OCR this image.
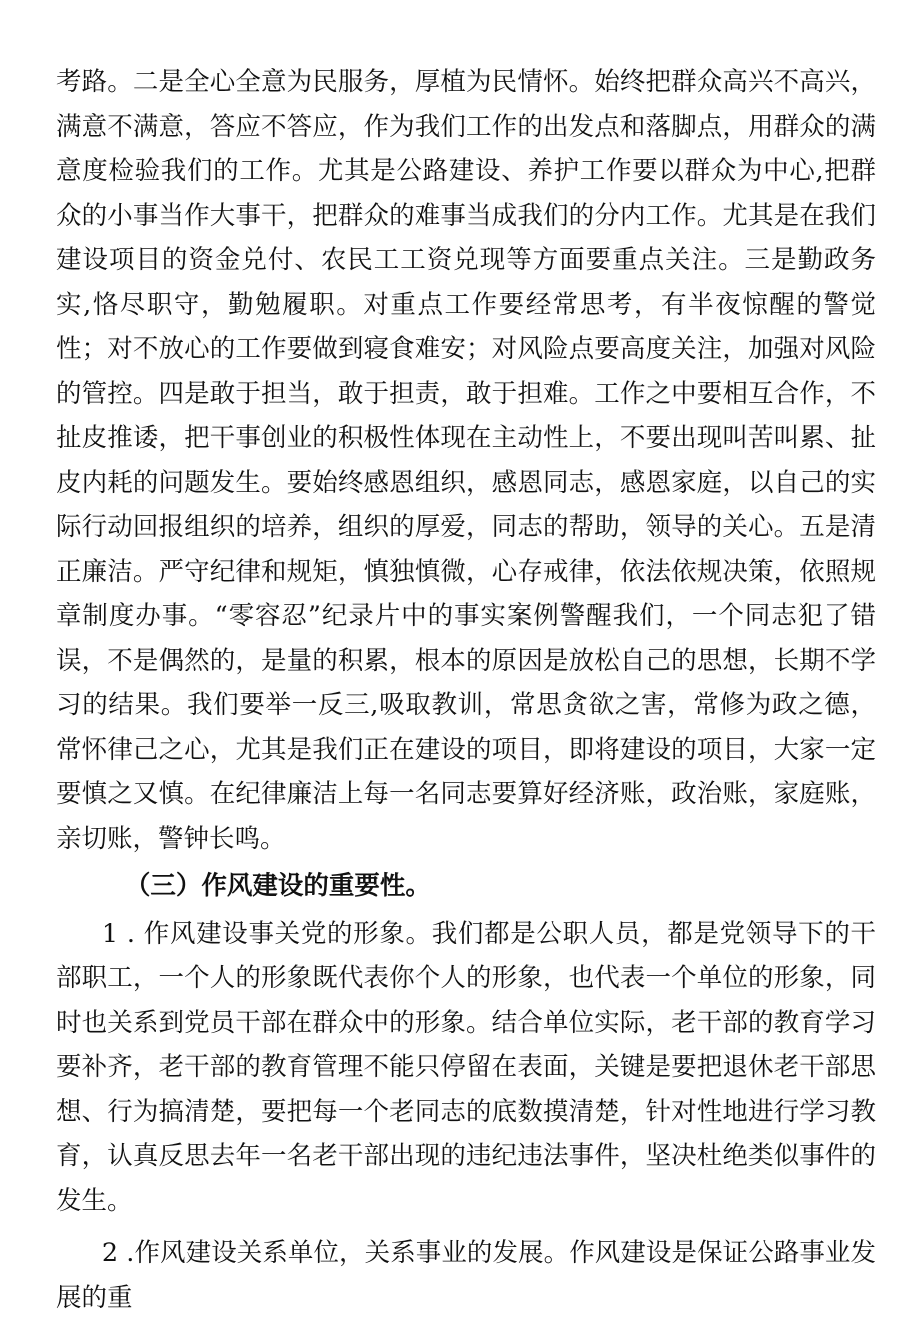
考路。二是全心全意为民服务，厚植为民情怀。始终把群众高兴不高兴，满意不满意，答应不答应，作为我们工作的出发点和落脚点，用群众的满意度检验我们的工作。尤其是公路建设、养护工作要以群众为中心,把群众的小事当作大事干，把群众的难事当成我们的分内工作。尤其是在我们建设项目的资金兑付、农民工工资兑现等方面要重点关注。三是勤政务实,恪尽职守，勤勉履职。对重点工作要经常思考，有半夜惊醒的警觉性；对不放心的工作要做到寝食难安；对风险点要高度关注，加强对风险的管控。四是敢于担当，敢于担责，敢于担难。工作之中要相互合作，不扯皮推诿，把干事创业的积极性体现在主动性上，不要出现叫苦叫累、扯皮内耗的问题发生。要始终感恩组织，感恩同志，感恩家庭，以自己的实际行动回报组织的培养，组织的厚爱，同志的帮助，领导的关心。五是清正廉洁。严守纪律和规矩，慎独慎微，心存戒律，依法依规决策，依照规章制度办事。“零容忍”纪录片中的事实案例警醒我们，一个同志犯了错误，不是偶然的，是量的积累，根本的原因是放松自己的思想，长期不学习的结果。我们要举一反三,吸取教训，常思贪欲之害，常修为政之德，常怀律己之心，尤其是我们正在建设的项目，即将建设的项目，大家一定要慎之又慎。在纪律廉洁上每一名同志要算好经济账，政治账，家庭账，亲切账，警钟长鸣。

（三）作风建设的重要性。

1 . 作风建设事关党的形象。我们都是公职人员，都是党领导下的干部职工，一个人的形象既代表你个人的形象，也代表一个单位的形象，同时也关系到党员干部在群众中的形象。结合单位实际，老干部的教育学习要补齐，老干部的教育管理不能只停留在表面，关键是要把退休老干部思想、行为搞清楚，要把每一个老同志的底数摸清楚，针对性地进行学习教育，认真反思去年一名老干部出现的违纪违法事件，坚决杜绝类似事件的发生。

2 .作风建设关系单位，关系事业的发展。作风建设是保证公路事业发展的重
